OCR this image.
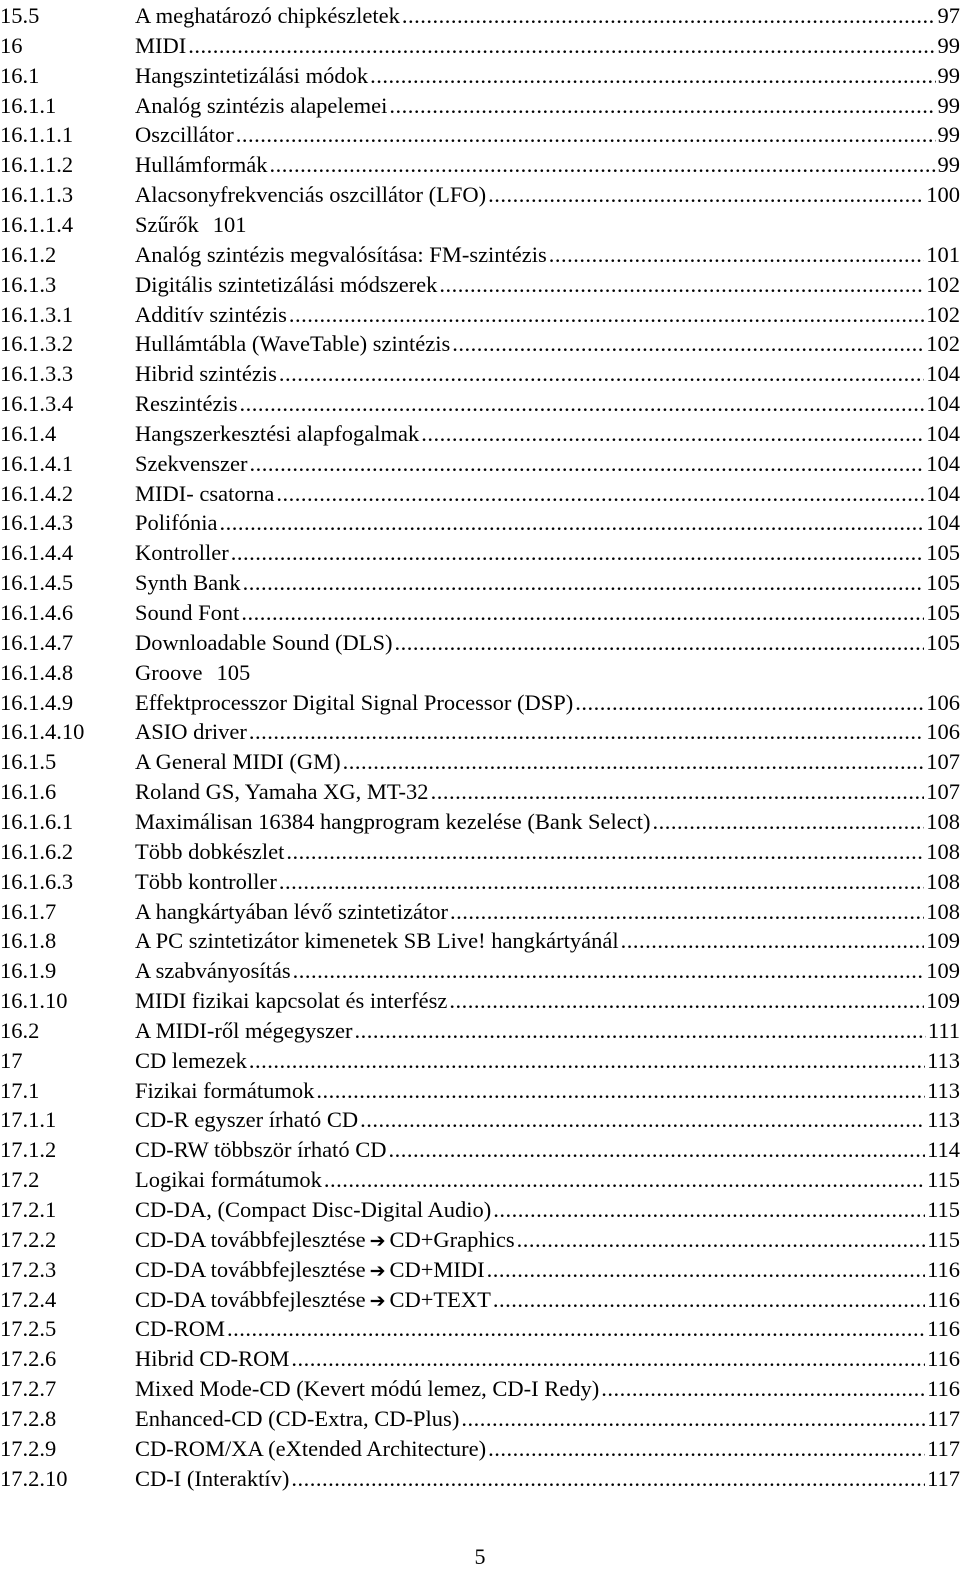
15.5	A meghatározó chipkészletek .....	97
16	MIDI .....	99
16.1	Hangszintetizálási módok .....	99
16.1.1	Analóg szintézis alapelemei .....	99
16.1.1.1	Oszcillátor .....	99
16.1.1.2	Hullámformák .....	99
16.1.1.3	Alacsonyfrekvenciás oszcillátor (LFO) .....	100
16.1.1.4	Szűrők 101
16.1.2	Analóg szintézis megvalósítása: FM-szintézis .....	101
16.1.3	Digitális szintetizálási módszerek .....	102
16.1.3.1	Additív szintézis .....	102
16.1.3.2	Hullámtábla (WaveTable) szintézis .....	102
16.1.3.3	Hibrid szintézis .....	104
16.1.3.4	Reszintézis .....	104
16.1.4	Hangszerkesztési alapfogalmak .....	104
16.1.4.1	Szekvenszer .....	104
16.1.4.2	MIDI- csatorna .....	104
16.1.4.3	Polifónia .....	104
16.1.4.4	Kontroller .....	105
16.1.4.5	Synth Bank .....	105
16.1.4.6	Sound Font .....	105
16.1.4.7	Downloadable Sound (DLS) .....	105
16.1.4.8	Groove 105
16.1.4.9	Effektprocesszor Digital Signal Processor (DSP) .....	106
16.1.4.10 ASIO driver .....	106
16.1.5	A General MIDI (GM) .....	107
16.1.6	Roland GS, Yamaha XG, MT-32 .....	107
16.1.6.1	Maximálisan 16384 hangprogram kezelése (Bank Select) .....	108
16.1.6.2	Több dobkészlet .....	108
16.1.6.3	Több kontroller .....	108
16.1.7	A hangkártyában lévő szintetizátor .....	108
16.1.8	A PC szintetizátor kimenetek SB Live! hangkártyánál .....	109
16.1.9	A szabványosítás .....	109
16.1.10	MIDI fizikai kapcsolat és interfész .....	109
16.2	A MIDI-ről mégegyszer .....	111
17	CD lemezek .....	113
17.1	Fizikai formátumok .....	113
17.1.1	CD-R egyszer írható CD .....	113
17.1.2	CD-RW többször írható CD .....	114
17.2	Logikai formátumok .....	115
17.2.1	CD-DA, (Compact Disc-Digital Audio) .....	115
17.2.2	CD-DA továbbfejlesztése ➔ CD+Graphics .....	115
17.2.3	CD-DA továbbfejlesztése ➔ CD+MIDI .....	116
17.2.4	CD-DA továbbfejlesztése ➔ CD+TEXT .....	116
17.2.5	CD-ROM .....	116
17.2.6	Hibrid CD-ROM .....	116
17.2.7	Mixed Mode-CD (Kevert módú lemez, CD-I Redy) .....	116
17.2.8	Enhanced-CD (CD-Extra, CD-Plus) .....	117
17.2.9	CD-ROM/XA (eXtended Architecture) .....	117
17.2.10	CD-I (Interaktív) .....	117
5
